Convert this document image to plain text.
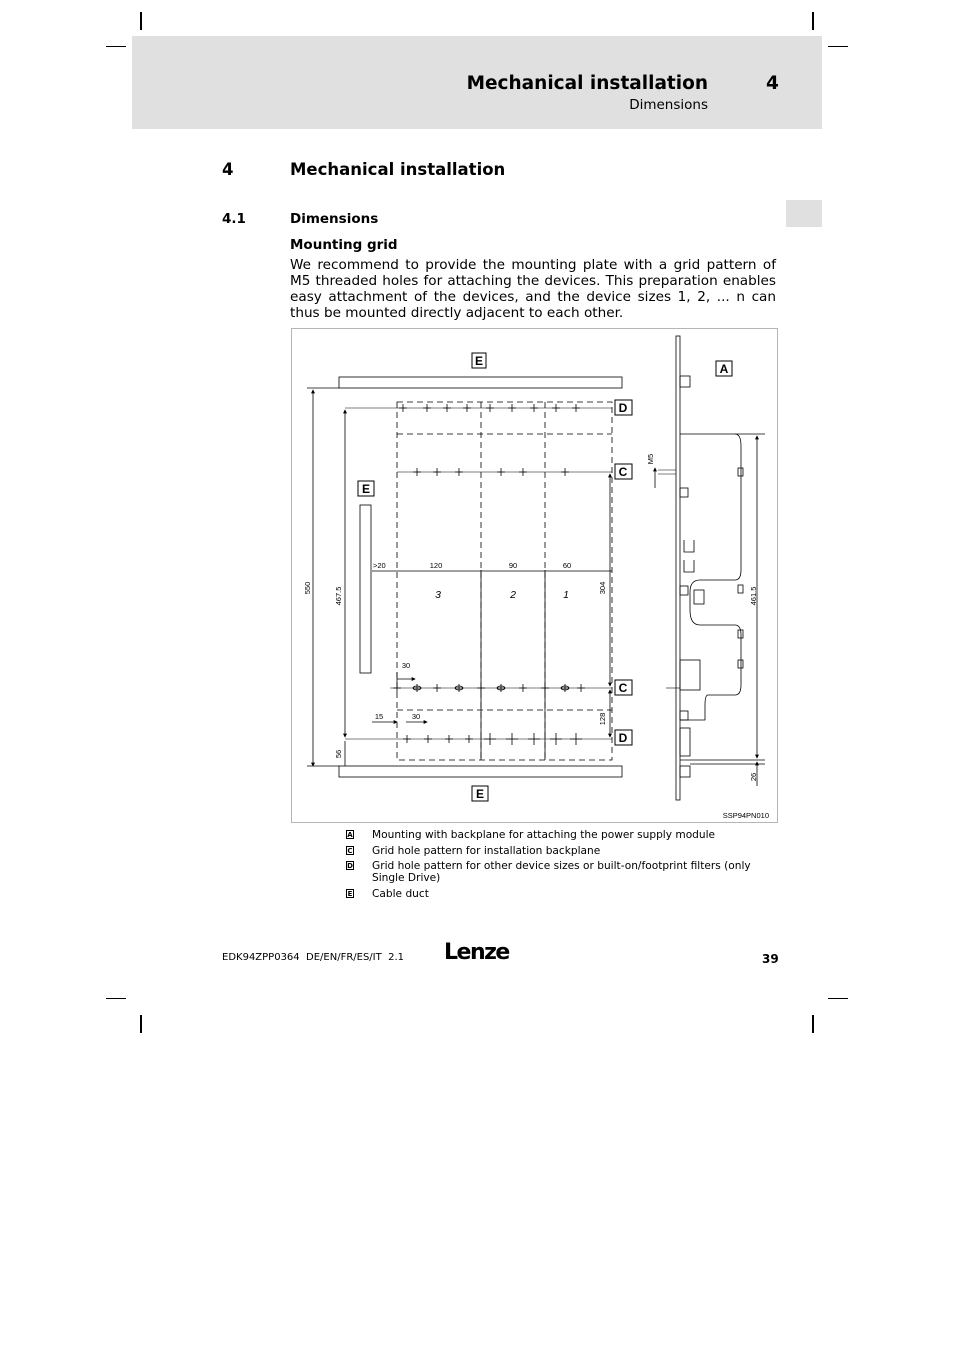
Mechanical installation	4
Dimensions
4	Mechanical installation
4.1	Dimensions
Mounting grid
We recommend to provide the mounting plate with a grid pattern of M5 threaded holes for attaching the devices. This preparation enables easy attachment of the devices, and the device sizes 1, 2, ... n can thus be mounted directly adjacent to each other.
E
A
D
C
E
C
D
E
550	467.5
56
>20	120	90	60
304
128
30
15	30
M5
461.5
26
3	2	1
SSP94PN010
A Mounting with backplane for attaching the power supply module
C Grid hole pattern for installation backplane
D Grid hole pattern for other device sizes or built-on/footprint filters (only Single Drive)
E Cable duct
EDK94ZPP0364  DE/EN/FR/ES/IT  2.1 Lenze	39
